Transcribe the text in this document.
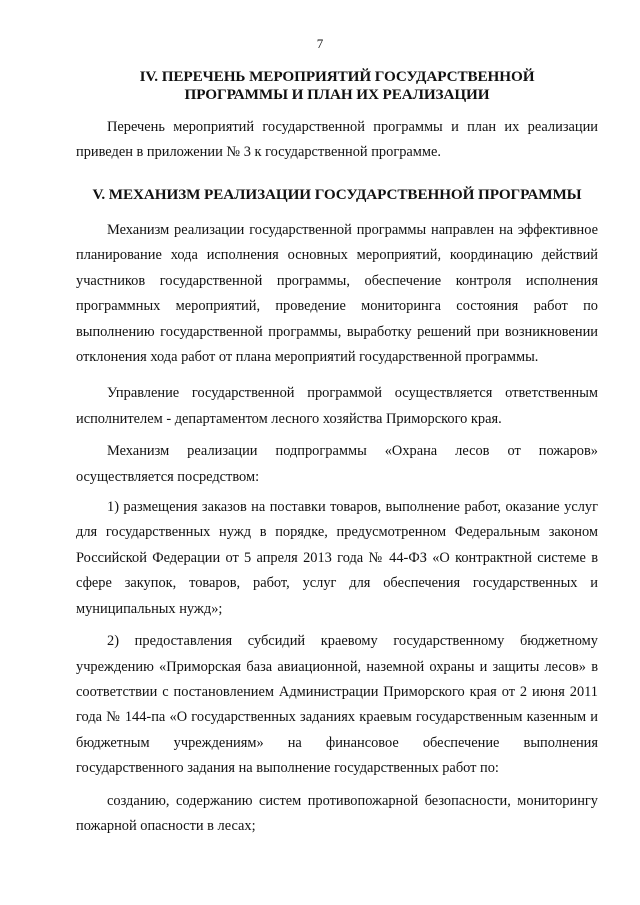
7
IV. ПЕРЕЧЕНЬ МЕРОПРИЯТИЙ ГОСУДАРСТВЕННОЙ
ПРОГРАММЫ И ПЛАН ИХ РЕАЛИЗАЦИИ

Перечень мероприятий государственной программы и план их реализации приведен в приложении № 3 к государственной программе.

V. МЕХАНИЗМ РЕАЛИЗАЦИИ ГОСУДАРСТВЕННОЙ ПРОГРАММЫ

Механизм реализации государственной программы направлен на эффективное планирование хода исполнения основных мероприятий, координацию действий участников государственной программы, обеспечение контроля исполнения программных мероприятий, проведение мониторинга состояния работ по выполнению государственной программы, выработку решений при возникновении отклонения хода работ от плана мероприятий государственной программы.

Управление государственной программой осуществляется ответственным исполнителем - департаментом лесного хозяйства Приморского края.

Механизм реализации подпрограммы «Охрана лесов от пожаров» осуществляется посредством:

1) размещения заказов на поставки товаров, выполнение работ, оказание услуг для государственных нужд в порядке, предусмотренном Федеральным законом Российской Федерации от 5 апреля 2013 года № 44-ФЗ «О контрактной системе в сфере закупок, товаров, работ, услуг для обеспечения государственных и муниципальных нужд»;

2) предоставления субсидий краевому государственному бюджетному учреждению «Приморская база авиационной, наземной охраны и защиты лесов» в соответствии с постановлением Администрации Приморского края от 2 июня 2011 года № 144-па «О государственных заданиях краевым государственным казенным и бюджетным учреждениям» на финансовое обеспечение выполнения государственного задания на выполнение государственных работ по:

созданию, содержанию систем противопожарной безопасности, мониторингу пожарной опасности в лесах;
